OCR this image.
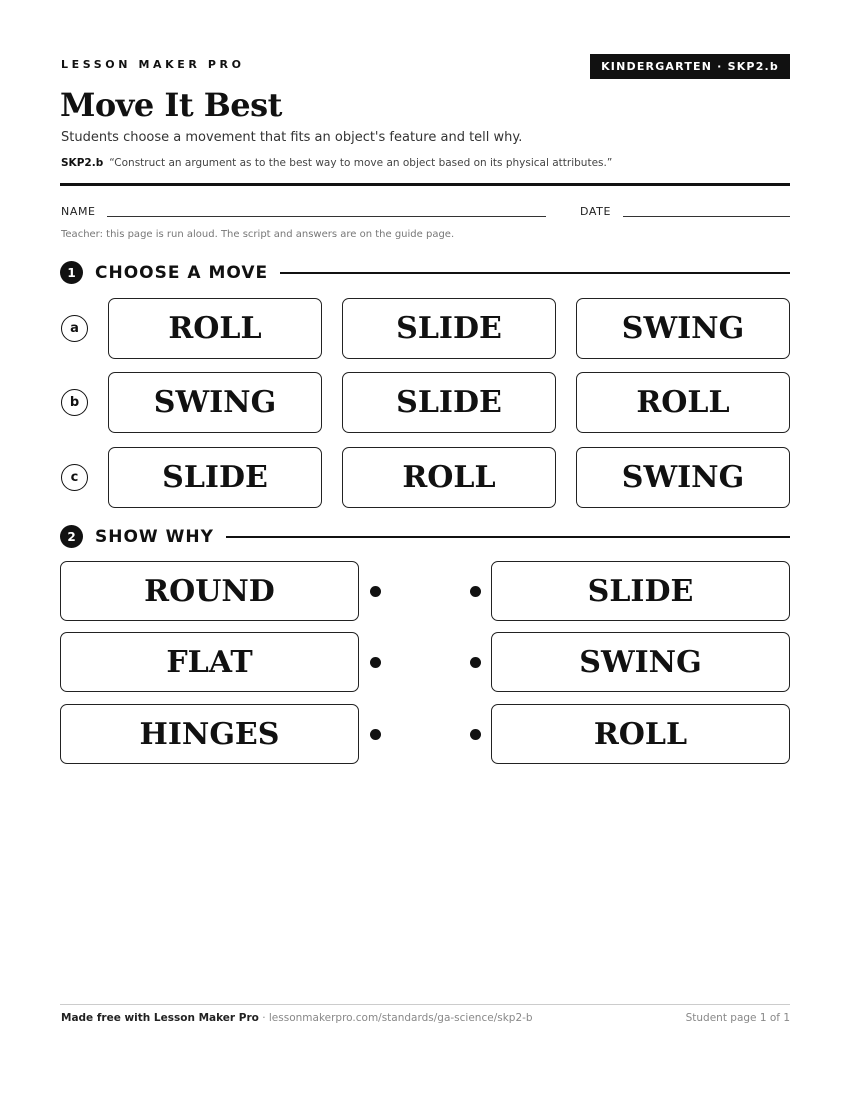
LESSON MAKER PRO	KINDERGARTEN · SKP2.b
Move It Best

Students choose a movement that fits an object's feature and tell why.

SKP2.b “Construct an argument as to the best way to move an object based on its physical attributes.”

NAME	DATE
Teacher: this page is run aloud. The script and answers are on the guide page.
1	CHOOSE A MOVE
a	ROLL	SLIDE	SWING
b	SWING	SLIDE	ROLL
c	SLIDE	ROLL	SWING
2	SHOW WHY
ROUND	SLIDE
FLAT	SWING
HINGES	ROLL
Made free with Lesson Maker Pro · lessonmakerpro.com/standards/ga-science/skp2-b	Student page 1 of 1
